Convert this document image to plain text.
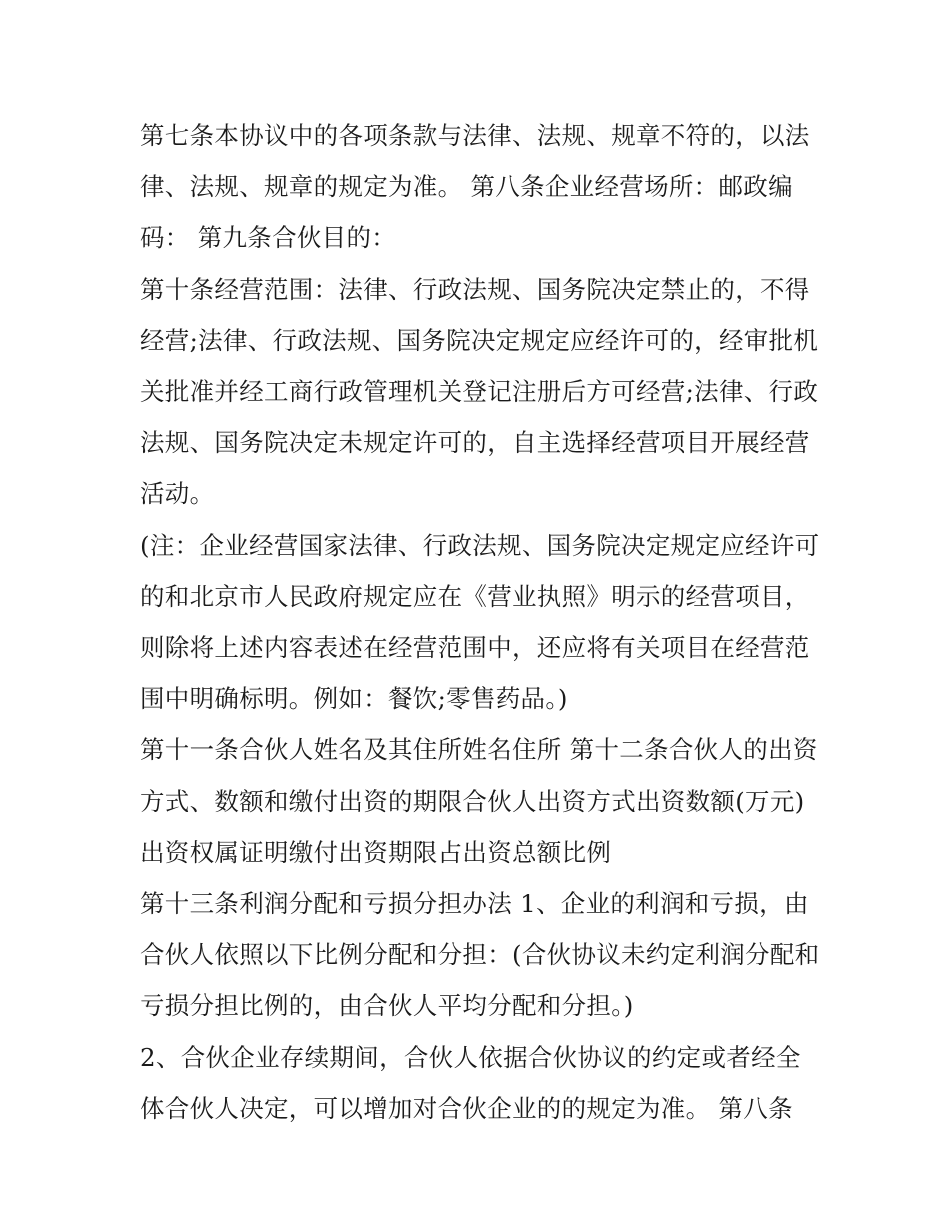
第七条本协议中的各项条款与法律、法规、规章不符的，以法律、法规、规章的规定为准。 第八条企业经营场所：邮政编码： 第九条合伙目的：

第十条经营范围：法律、行政法规、国务院决定禁止的，不得经营;法律、行政法规、国务院决定规定应经许可的，经审批机关批准并经工商行政管理机关登记注册后方可经营;法律、行政法规、国务院决定未规定许可的，自主选择经营项目开展经营活动。

(注：企业经营国家法律、行政法规、国务院决定规定应经许可的和北京市人民政府规定应在《营业执照》明示的经营项目，则除将上述内容表述在经营范围中，还应将有关项目在经营范围中明确标明。例如：餐饮;零售药品。)

第十一条合伙人姓名及其住所姓名住所 第十二条合伙人的出资方式、数额和缴付出资的期限合伙人出资方式出资数额(万元)出资权属证明缴付出资期限占出资总额比例

第十三条利润分配和亏损分担办法 1、企业的利润和亏损，由合伙人依照以下比例分配和分担：(合伙协议未约定利润分配和亏损分担比例的，由合伙人平均分配和分担。)

2、合伙企业存续期间，合伙人依据合伙协议的约定或者经全体合伙人决定，可以增加对合伙企业的的规定为准。 第八条
